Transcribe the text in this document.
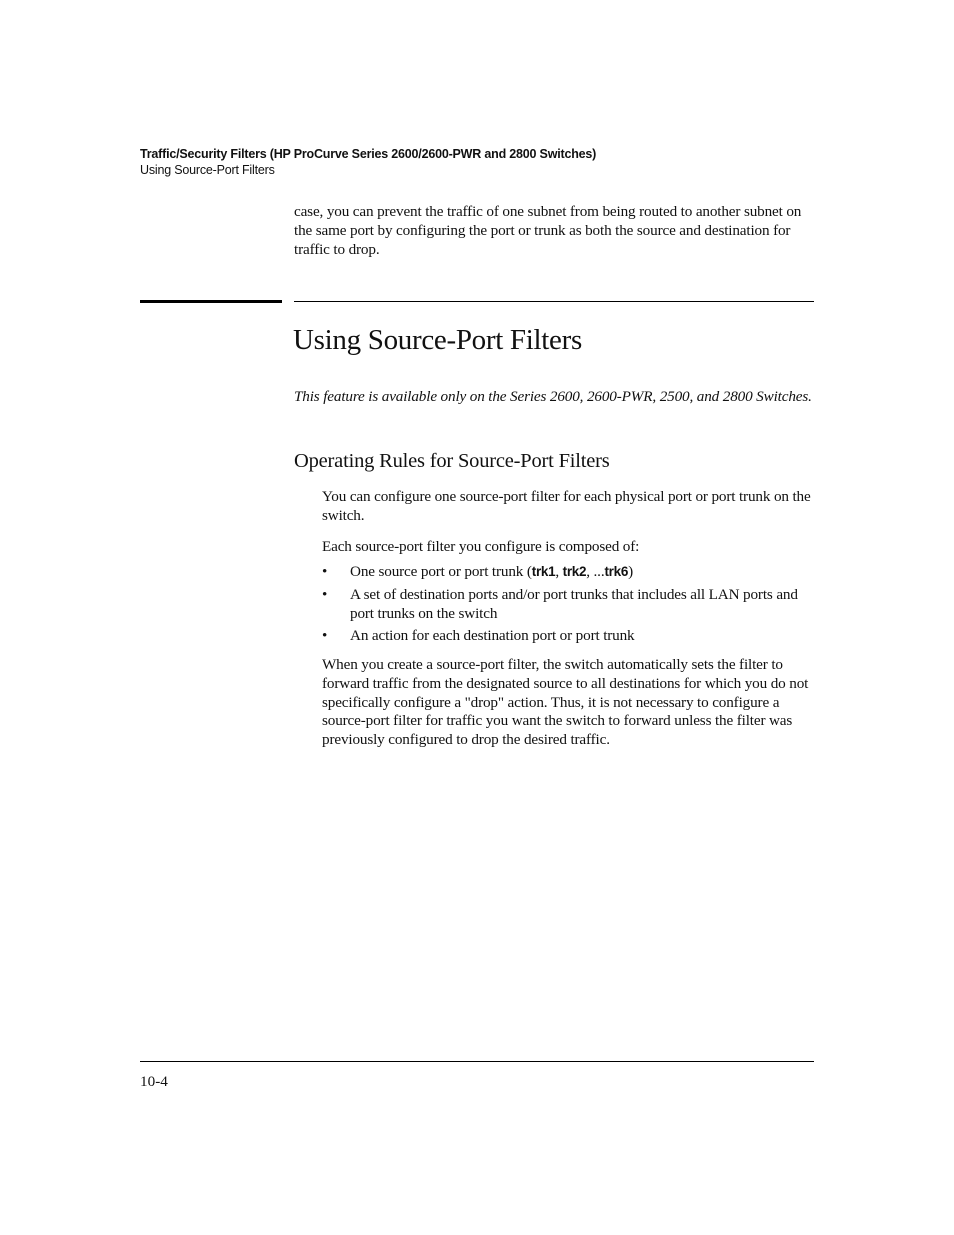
Traffic/Security Filters (HP ProCurve Series 2600/2600-PWR and 2800 Switches)
Using Source-Port Filters
case, you can prevent the traffic of one subnet from being routed to another subnet on the same port by configuring the port or trunk as both the source and destination for traffic to drop.
Using Source-Port Filters
This feature is available only on the Series 2600, 2600-PWR, 2500, and 2800 Switches.
Operating Rules for Source-Port Filters
You can configure one source-port filter for each physical port or port trunk on the switch.
Each source-port filter you configure is composed of:
• One source port or port trunk (trk1, trk2, ...trk6)
• A set of destination ports and/or port trunks that includes all LAN ports and port trunks on the switch
• An action for each destination port or port trunk
When you create a source-port filter, the switch automatically sets the filter to forward traffic from the designated source to all destinations for which you do not specifically configure a "drop" action. Thus, it is not necessary to configure a source-port filter for traffic you want the switch to forward unless the filter was previously configured to drop the desired traffic.
10-4
